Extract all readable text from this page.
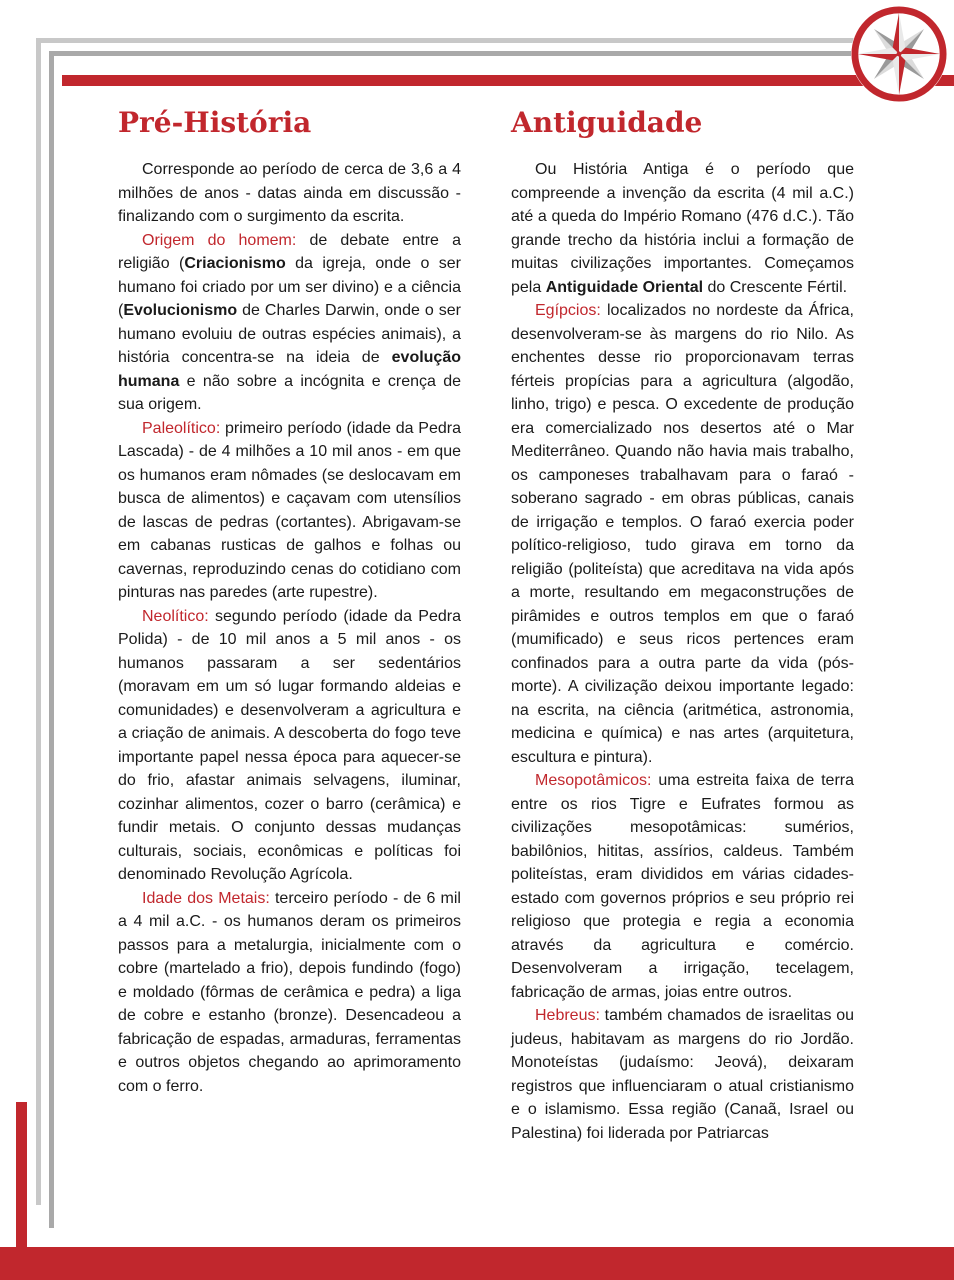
Pré-História

Corresponde ao período de cerca de 3,6 a 4 milhões de anos - datas ainda em discussão - finalizando com o surgimento da escrita.

Origem do homem: de debate entre a religião (Criacionismo da igreja, onde o ser humano foi criado por um ser divino) e a ciência (Evolucionismo de Charles Darwin, onde o ser humano evoluiu de outras espécies animais), a história concentra-se na ideia de evolução humana e não sobre a incógnita e crença de sua origem.

Paleolítico: primeiro período (idade da Pedra Lascada) - de 4 milhões a 10 mil anos - em que os humanos eram nômades (se deslocavam em busca de alimentos) e caçavam com utensílios de lascas de pedras (cortantes). Abrigavam-se em cabanas rusticas de galhos e folhas ou cavernas, reproduzindo cenas do cotidiano com pinturas nas paredes (arte rupestre).

Neolítico: segundo período (idade da Pedra Polida) - de 10 mil anos a 5 mil anos - os humanos passaram a ser sedentários (moravam em um só lugar formando aldeias e comunidades) e desenvolveram a agricultura e a criação de animais. A descoberta do fogo teve importante papel nessa época para aquecer-se do frio, afastar animais selvagens, iluminar, cozinhar alimentos, cozer o barro (cerâmica) e fundir metais. O conjunto dessas mudanças culturais, sociais, econômicas e políticas foi denominado Revolução Agrícola.

Idade dos Metais: terceiro período - de 6 mil a 4 mil a.C. - os humanos deram os primeiros passos para a metalurgia, inicialmente com o cobre (martelado a frio), depois fundindo (fogo) e moldado (fôrmas de cerâmica e pedra) a liga de cobre e estanho (bronze). Desencadeou a fabricação de espadas, armaduras, ferramentas e outros objetos chegando ao aprimoramento com o ferro.

Antiguidade

Ou História Antiga é o período que compreende a invenção da escrita (4 mil a.C.) até a queda do Império Romano (476 d.C.). Tão grande trecho da história inclui a formação de muitas civilizações importantes. Começamos pela Antiguidade Oriental do Crescente Fértil.

Egípcios: localizados no nordeste da África, desenvolveram-se às margens do rio Nilo. As enchentes desse rio proporcionavam terras férteis propícias para a agricultura (algodão, linho, trigo) e pesca. O excedente de produção era comercializado nos desertos até o Mar Mediterrâneo. Quando não havia mais trabalho, os camponeses trabalhavam para o faraó - soberano sagrado - em obras públicas, canais de irrigação e templos. O faraó exercia poder político-religioso, tudo girava em torno da religião (politeísta) que acreditava na vida após a morte, resultando em megaconstruções de pirâmides e outros templos em que o faraó (mumificado) e seus ricos pertences eram confinados para a outra parte da vida (pós-morte). A civilização deixou importante legado: na escrita, na ciência (aritmética, astronomia, medicina e química) e nas artes (arquitetura, escultura e pintura).

Mesopotâmicos: uma estreita faixa de terra entre os rios Tigre e Eufrates formou as civilizações mesopotâmicas: sumérios, babilônios, hititas, assírios, caldeus. Também politeístas, eram divididos em várias cidades-estado com governos próprios e seu próprio rei religioso que protegia e regia a economia através da agricultura e comércio. Desenvolveram a irrigação, tecelagem, fabricação de armas, joias entre outros.

Hebreus: também chamados de israelitas ou judeus, habitavam as margens do rio Jordão. Monoteístas (judaísmo: Jeová), deixaram registros que influenciaram o atual cristianismo e o islamismo. Essa região (Canaã, Israel ou Palestina) foi liderada por Patriarcas
